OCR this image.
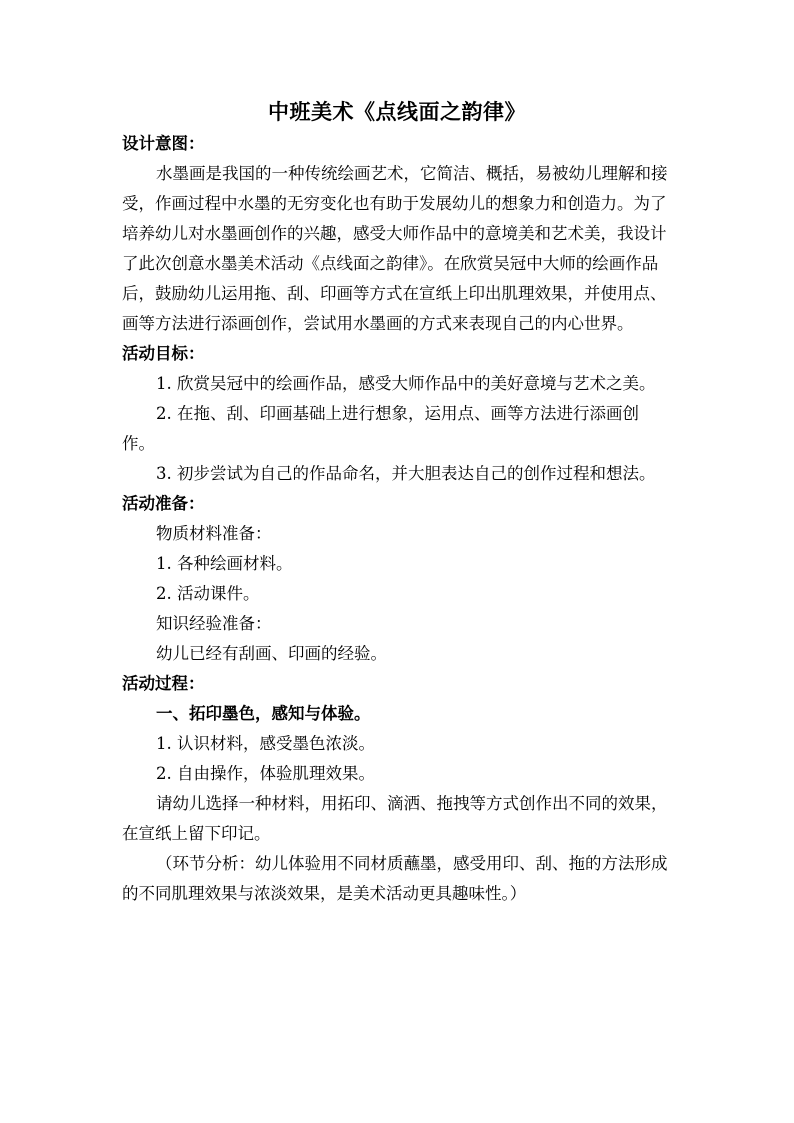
中班美术《点线面之韵律》

设计意图：

水墨画是我国的一种传统绘画艺术，它简洁、概括，易被幼儿理解和接受，作画过程中水墨的无穷变化也有助于发展幼儿的想象力和创造力。为了培养幼儿对水墨画创作的兴趣，感受大师作品中的意境美和艺术美，我设计了此次创意水墨美术活动《点线面之韵律》。在欣赏吴冠中大师的绘画作品后，鼓励幼儿运用拖、刮、印画等方式在宣纸上印出肌理效果，并使用点、画等方法进行添画创作，尝试用水墨画的方式来表现自己的内心世界。

活动目标：

1. 欣赏吴冠中的绘画作品，感受大师作品中的美好意境与艺术之美。

2. 在拖、刮、印画基础上进行想象，运用点、画等方法进行添画创作。

3. 初步尝试为自己的作品命名，并大胆表达自己的创作过程和想法。

活动准备：

物质材料准备：

1. 各种绘画材料。

2. 活动课件。

知识经验准备：

幼儿已经有刮画、印画的经验。

活动过程：

一、拓印墨色，感知与体验。

1. 认识材料，感受墨色浓淡。

2. 自由操作，体验肌理效果。

请幼儿选择一种材料，用拓印、滴洒、拖拽等方式创作出不同的效果，在宣纸上留下印记。

（环节分析：幼儿体验用不同材质蘸墨，感受用印、刮、拖的方法形成的不同肌理效果与浓淡效果，是美术活动更具趣味性。）
